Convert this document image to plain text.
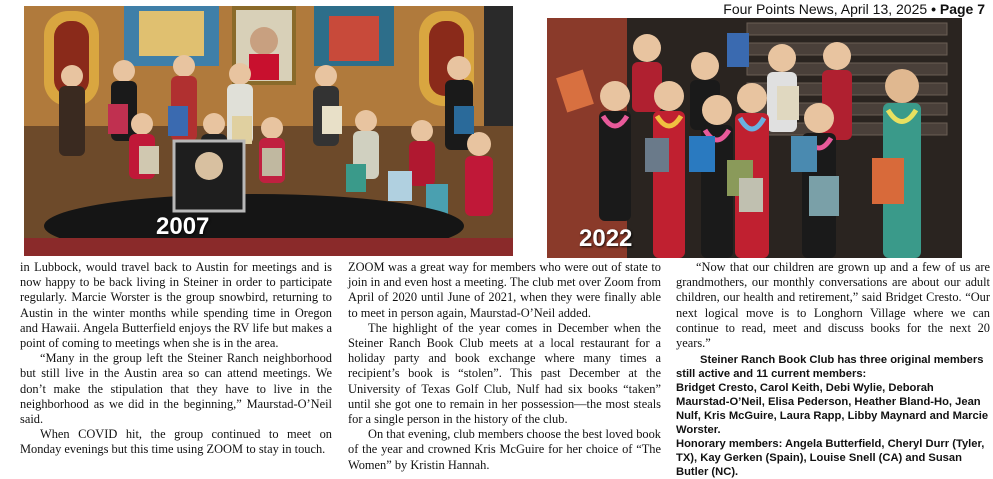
Four Points News, April 13, 2025 • Page 7
2007	2022

in Lubbock, would travel back to Austin for meetings and is now happy to be back living in Steiner in order to participate regularly. Marcie Worster is the group snowbird, returning to Austin in the winter months while spending time in Oregon and Hawaii. Angela Butterfield enjoys the RV life but makes a point of coming to meetings when she is in the area.

“Many in the group left the Steiner Ranch neighborhood but still live in the Austin area so can attend meetings. We don’t make the stipulation that they have to live in the neighborhood as we did in the beginning,” Maurstad-O’Neil said.

When COVID hit, the group continued to meet on Monday evenings but this time using ZOOM to stay in touch.

ZOOM was a great way for members who were out of state to join in and even host a meeting. The club met over Zoom from April of 2020 until June of 2021, when they were finally able to meet in person again, Maurstad-O’Neil added.

The highlight of the year comes in December when the Steiner Ranch Book Club meets at a local restaurant for a holiday party and book exchange where many times a recipient’s book is “stolen”. This past December at the University of Texas Golf Club, Nulf had six books “taken” until she got one to remain in her possession—the most steals for a single person in the history of the club.

On that evening, club members choose the best loved book of the year and crowned Kris McGuire for her choice of “The Women” by Kristin Hannah.

“Now that our children are grown up and a few of us are grandmothers, our monthly conversations are about our adult children, our health and retirement,” said Bridget Cresto. “Our next logical move is to Longhorn Village where we can continue to read, meet and discuss books for the next 20 years.”

Steiner Ranch Book Club has three original members still active and 11 current members:
Bridget Cresto, Carol Keith, Debi Wylie, Deborah Maurstad-O’Neil, Elisa Pederson, Heather Bland-Ho, Jean Nulf, Kris McGuire, Laura Rapp, Libby Maynard and Marcie Worster.
Honorary members: Angela Butterfield, Cheryl Durr (Tyler, TX), Kay Gerken (Spain), Louise Snell (CA) and Susan Butler (NC).
